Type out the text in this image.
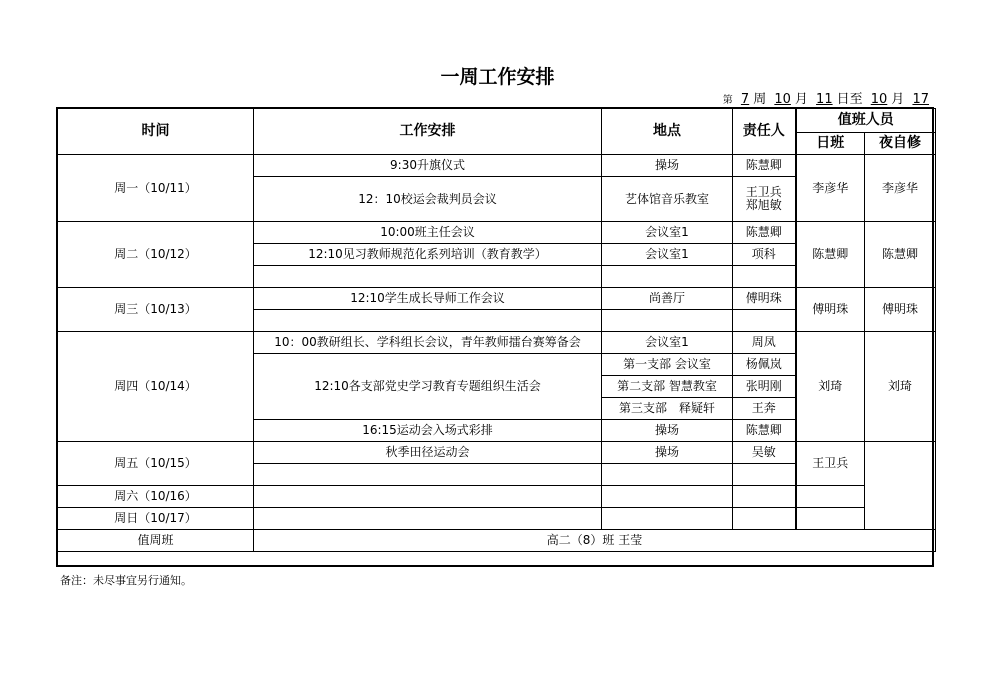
一周工作安排
第 7 周 10 月 11 日至 10 月 17
时间	工作安排	地点	责任人	值班人员	
				日班	夜自修
周一（10/11）	9:30升旗仪式	操场	陈慧卿	李彦华	李彦华
	12：10校运会裁判员会议	艺体馆音乐教室	王卫兵
郑旭敏		

周二（10/12）	10:00班主任会议	会议室1	陈慧卿	陈慧卿	陈慧卿
	12:10见习教师规范化系列培训（教育教学）	会议室1	项科		

周三（10/13）	12:10学生成长导师工作会议	尚善厅	傅明珠	傅明珠	傅明珠

周四（10/14）	10：00教研组长、学科组长会议，青年教师擂台赛筹备会	会议室1	周凤	刘琦	刘琦
	12:10各支部党史学习教育专题组织生活会	第一支部 会议室	杨佩岚		
		第二支部 智慧教室	张明刚		
		第三支部　释疑轩	王奔		
	16:15运动会入场式彩排	操场	陈慧卿		
周五（10/15）	秋季田径运动会	操场	吴敏	王卫兵	

周六（10/16）					
周日（10/17）					
值周班	高二（8）班 王莹				
备注：未尽事宜另行通知。
